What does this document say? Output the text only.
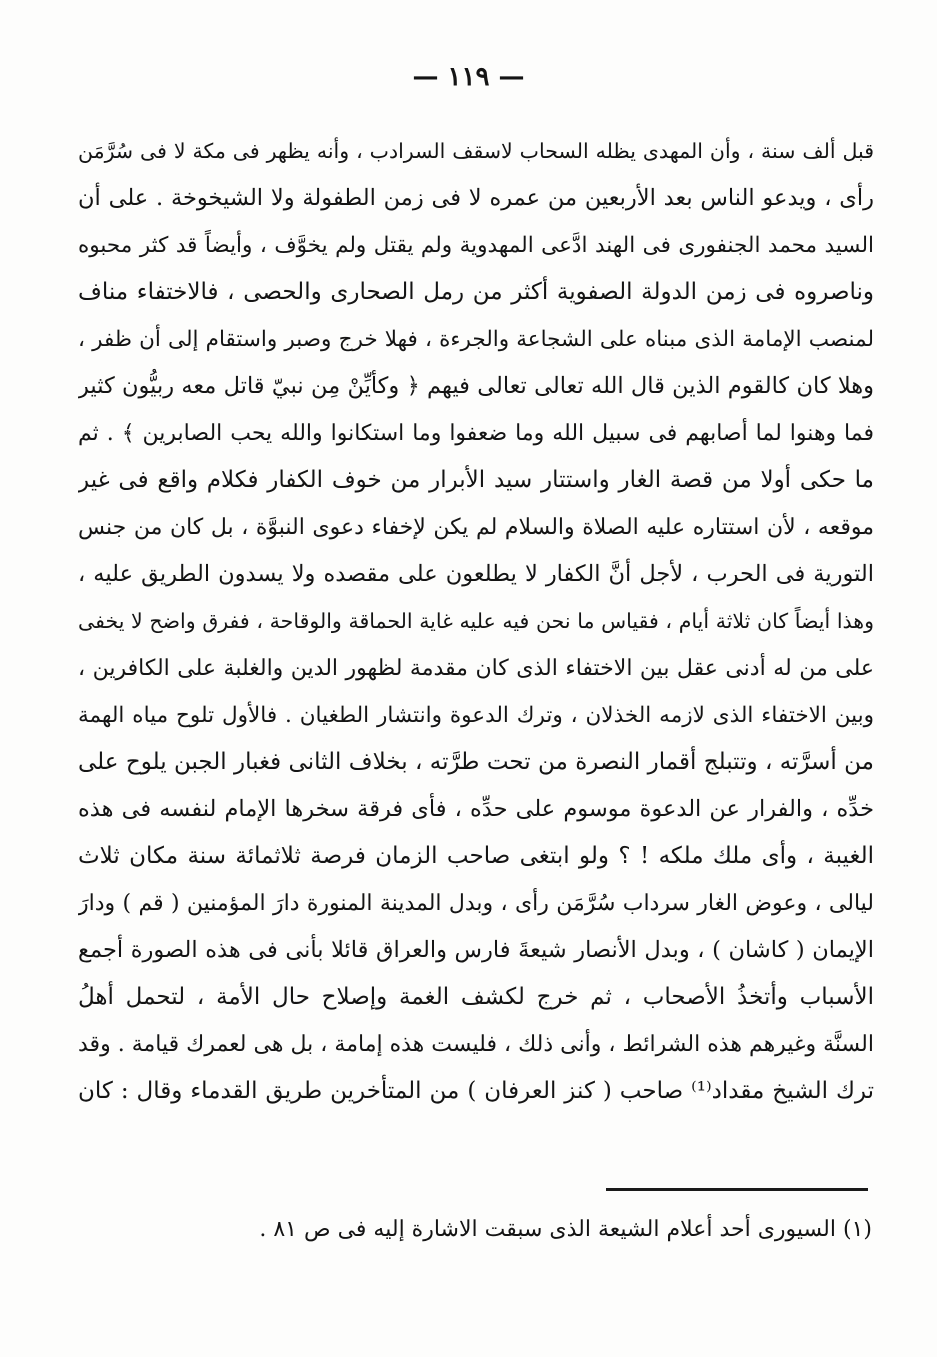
— ١١٩ —
قبل ألف سنة ، وأن المهدى يظله السحاب لاسقف السرادب ، وأنه يظهر فى مكة لا فى سُرَّمَن
رأى ، ويدعو الناس بعد الأربعين من عمره لا فى زمن الطفولة ولا الشيخوخة . على أن
السيد محمد الجنفورى فى الهند ادَّعى المهدوية ولم يقتل ولم يخوَّف ، وأيضاً قد كثر محبوه
وناصروه فى زمن الدولة الصفوية أكثر من رمل الصحارى والحصى ، فالاختفاء مناف
لمنصب الإمامة الذى مبناه على الشجاعة والجرءة ، فهلا خرج وصبر واستقام إلى أن ظفر ،
وهلا كان كالقوم الذين قال الله تعالى تعالى فيهم ﴿ وكأيِّنْ مِن نبيّ قاتل معه ربيُّون كثير
فما وهنوا لما أصابهم فى سبيل الله وما ضعفوا وما استكانوا والله يحب الصابرين ﴾ . ثم
ما حكى أولا من قصة الغار واستتار سيد الأبرار من خوف الكفار فكلام واقع فى غير
موقعه ، لأن استتاره عليه الصلاة والسلام لم يكن لإخفاء دعوى النبوَّة ، بل كان من جنس
التورية فى الحرب ، لأجل أنَّ الكفار لا يطلعون على مقصده ولا يسدون الطريق عليه ،
وهذا أيضاً كان ثلاثة أيام ، فقياس ما نحن فيه عليه غاية الحماقة والوقاحة ، ففرق واضح لا يخفى
على من له أدنى عقل بين الاختفاء الذى كان مقدمة لظهور الدين والغلبة على الكافرين ،
وبين الاختفاء الذى لازمه الخذلان ، وترك الدعوة وانتشار الطغيان . فالأول تلوح مياه الهمة
من أسرَّته ، وتتبلج أقمار النصرة من تحت طرَّته ، بخلاف الثانى فغبار الجبن يلوح على
خدِّه ، والفرار عن الدعوة موسوم على حدِّه ، فأى فرقة سخرها الإمام لنفسه فى هذه
الغيبة ، وأى ملك ملكه ! ؟ ولو ابتغى صاحب الزمان فرصة ثلاثمائة سنة مكان ثلاث
ليالى ، وعوض الغار سرداب سُرَّمَن رأى ، وبدل المدينة المنورة دارَ المؤمنين ( قم ) ودارَ
الإيمان ( كاشان ) ، وبدل الأنصار شيعةَ فارس والعراق قائلا بأنى فى هذه الصورة أجمع
الأسباب وأتخذُ الأصحاب ، ثم خرج لكشف الغمة وإصلاح حال الأمة ، لتحمل أهلُ
السنَّة وغيرهم هذه الشرائط ، وأنى ذلك ، فليست هذه إمامة ، بل هى لعمرك قيامة . وقد
ترك الشيخ مقداد⁽¹⁾ صاحب ( كنز العرفان ) من المتأخرين طريق القدماء وقال : كان
(١) السيورى أحد أعلام الشيعة الذى سبقت الاشارة إليه فى ص ٨١ .
